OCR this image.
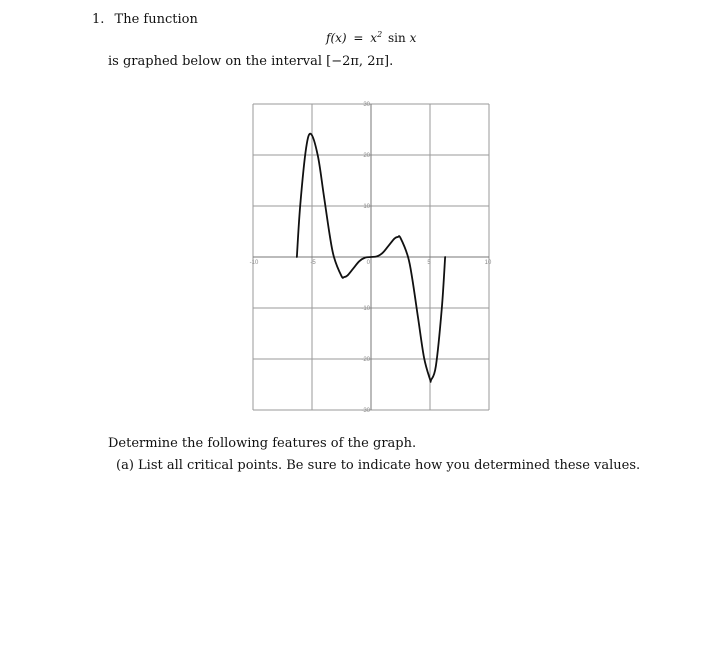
1. The function
$f(x) = x^2$ sin x
is graphed below on the interval [−2π, 2π].
-10	-5	5	10
-30
-20
-10
10
20
30
0
Determine the following features of the graph.
(a) List all critical points. Be sure to indicate how you determined these values.
